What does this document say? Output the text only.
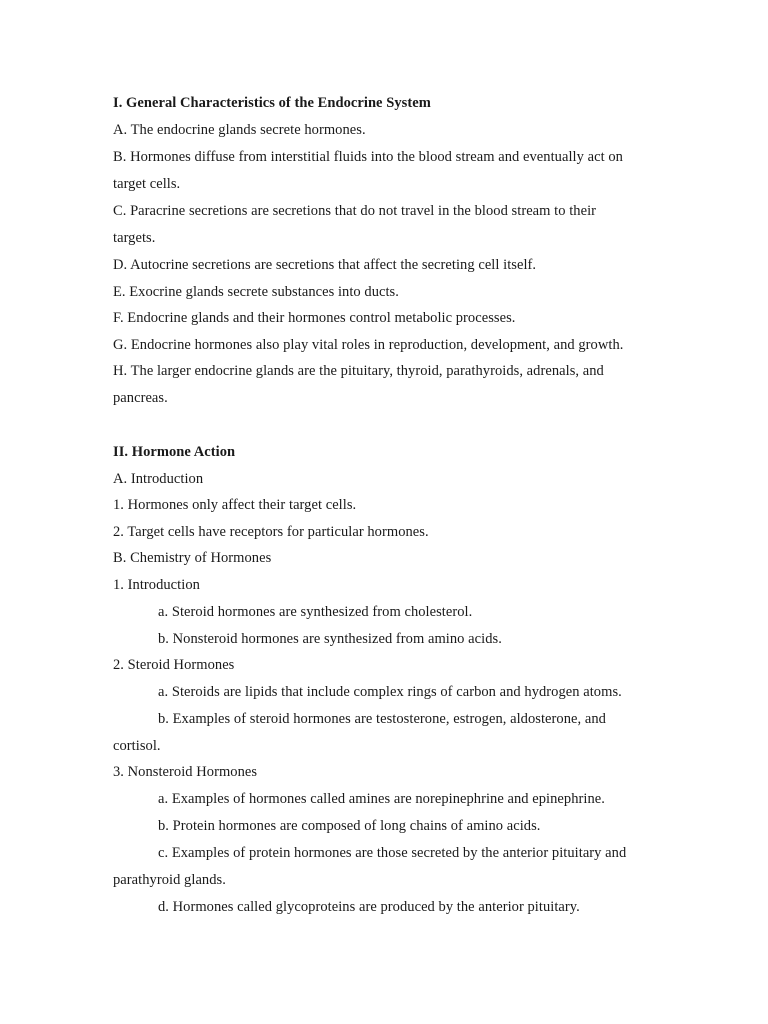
I. General Characteristics of the Endocrine System
A. The endocrine glands secrete hormones.
B. Hormones diffuse from interstitial fluids into the blood stream and eventually act on
target cells.
C. Paracrine secretions are secretions that do not travel in the blood stream to their
targets.
D. Autocrine secretions are secretions that affect the secreting cell itself.
E. Exocrine glands secrete substances into ducts.
F. Endocrine glands and their hormones control metabolic processes.
G. Endocrine hormones also play vital roles in reproduction, development, and growth.
H. The larger endocrine glands are the pituitary, thyroid, parathyroids, adrenals, and
pancreas.
II. Hormone Action
A. Introduction
1. Hormones only affect their target cells.
2. Target cells have receptors for particular hormones.
B. Chemistry of Hormones
1. Introduction
a. Steroid hormones are synthesized from cholesterol.
b. Nonsteroid hormones are synthesized from amino acids.
2. Steroid Hormones
a. Steroids are lipids that include complex rings of carbon and hydrogen atoms.
b. Examples of steroid hormones are testosterone, estrogen, aldosterone, and
cortisol.
3. Nonsteroid Hormones
a. Examples of hormones called amines are norepinephrine and epinephrine.
b. Protein hormones are composed of long chains of amino acids.
c. Examples of protein hormones are those secreted by the anterior pituitary and
parathyroid glands.
d. Hormones called glycoproteins are produced by the anterior pituitary.
